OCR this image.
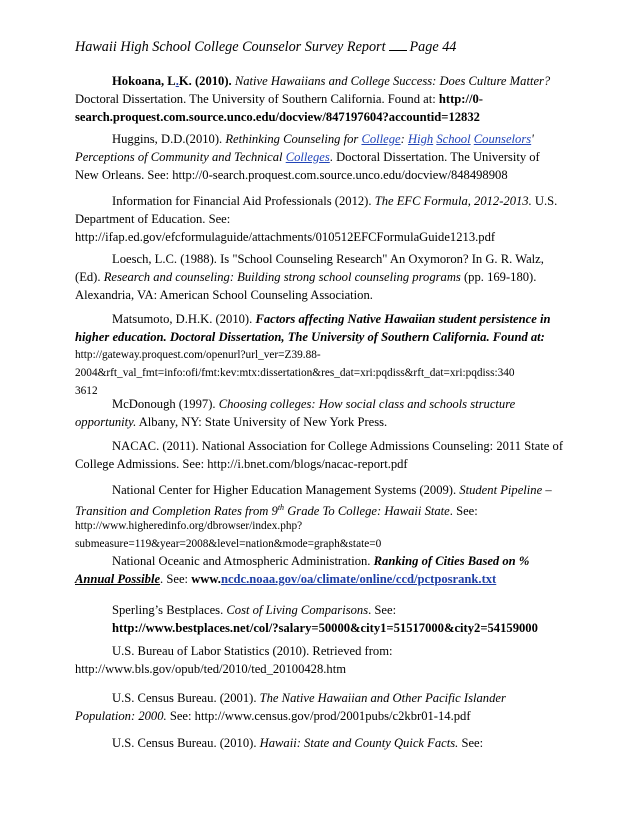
Hawaii High School College Counselor Survey Report Page 44
Hokoana, L.K. (2010). Native Hawaiians and College Success: Does Culture Matter?
Doctoral Dissertation. The University of Southern California. Found at: http://0-
search.proquest.com.source.unco.edu/docview/847197604?accountid=12832
Huggins, D.D.(2010). Rethinking Counseling for College: High School Counselors'
Perceptions of Community and Technical Colleges. Doctoral Dissertation. The University of
New Orleans. See: http://0-search.proquest.com.source.unco.edu/docview/848498908
Information for Financial Aid Professionals (2012). The EFC Formula, 2012-2013. U.S.
Department of Education. See:
http://ifap.ed.gov/efcformulaguide/attachments/010512EFCFormulaGuide1213.pdf
Loesch, L.C. (1988). Is "School Counseling Research" An Oxymoron? In G. R. Walz,
(Ed). Research and counseling: Building strong school counseling programs (pp. 169-180).
Alexandria, VA: American School Counseling Association.
Matsumoto, D.H.K. (2010). Factors affecting Native Hawaiian student persistence in
higher education. Doctoral Dissertation, The University of Southern California. Found at:
http://gateway.proquest.com/openurl?url_ver=Z39.88-
2004&rft_val_fmt=info:ofi/fmt:kev:mtx:dissertation&res_dat=xri:pqdiss&rft_dat=xri:pqdiss:340
3612
McDonough (1997). Choosing colleges: How social class and schools structure
opportunity. Albany, NY: State University of New York Press.
NACAC. (2011). National Association for College Admissions Counseling: 2011 State of
College Admissions. See: http://i.bnet.com/blogs/nacac-report.pdf
National Center for Higher Education Management Systems (2009). Student Pipeline –
Transition and Completion Rates from 9th Grade To College: Hawaii State. See:
http://www.higheredinfo.org/dbrowser/index.php?
submeasure=119&year=2008&level=nation&mode=graph&state=0
National Oceanic and Atmospheric Administration. Ranking of Cities Based on %
Annual Possible. See: www.ncdc.noaa.gov/oa/climate/online/ccd/pctposrank.txt
Sperling’s Bestplaces. Cost of Living Comparisons. See:
http://www.bestplaces.net/col/?salary=50000&city1=51517000&city2=54159000
U.S. Bureau of Labor Statistics (2010). Retrieved from:
http://www.bls.gov/opub/ted/2010/ted_20100428.htm
U.S. Census Bureau. (2001). The Native Hawaiian and Other Pacific Islander
Population: 2000. See: http://www.census.gov/prod/2001pubs/c2kbr01-14.pdf
U.S. Census Bureau. (2010). Hawaii: State and County Quick Facts. See:
